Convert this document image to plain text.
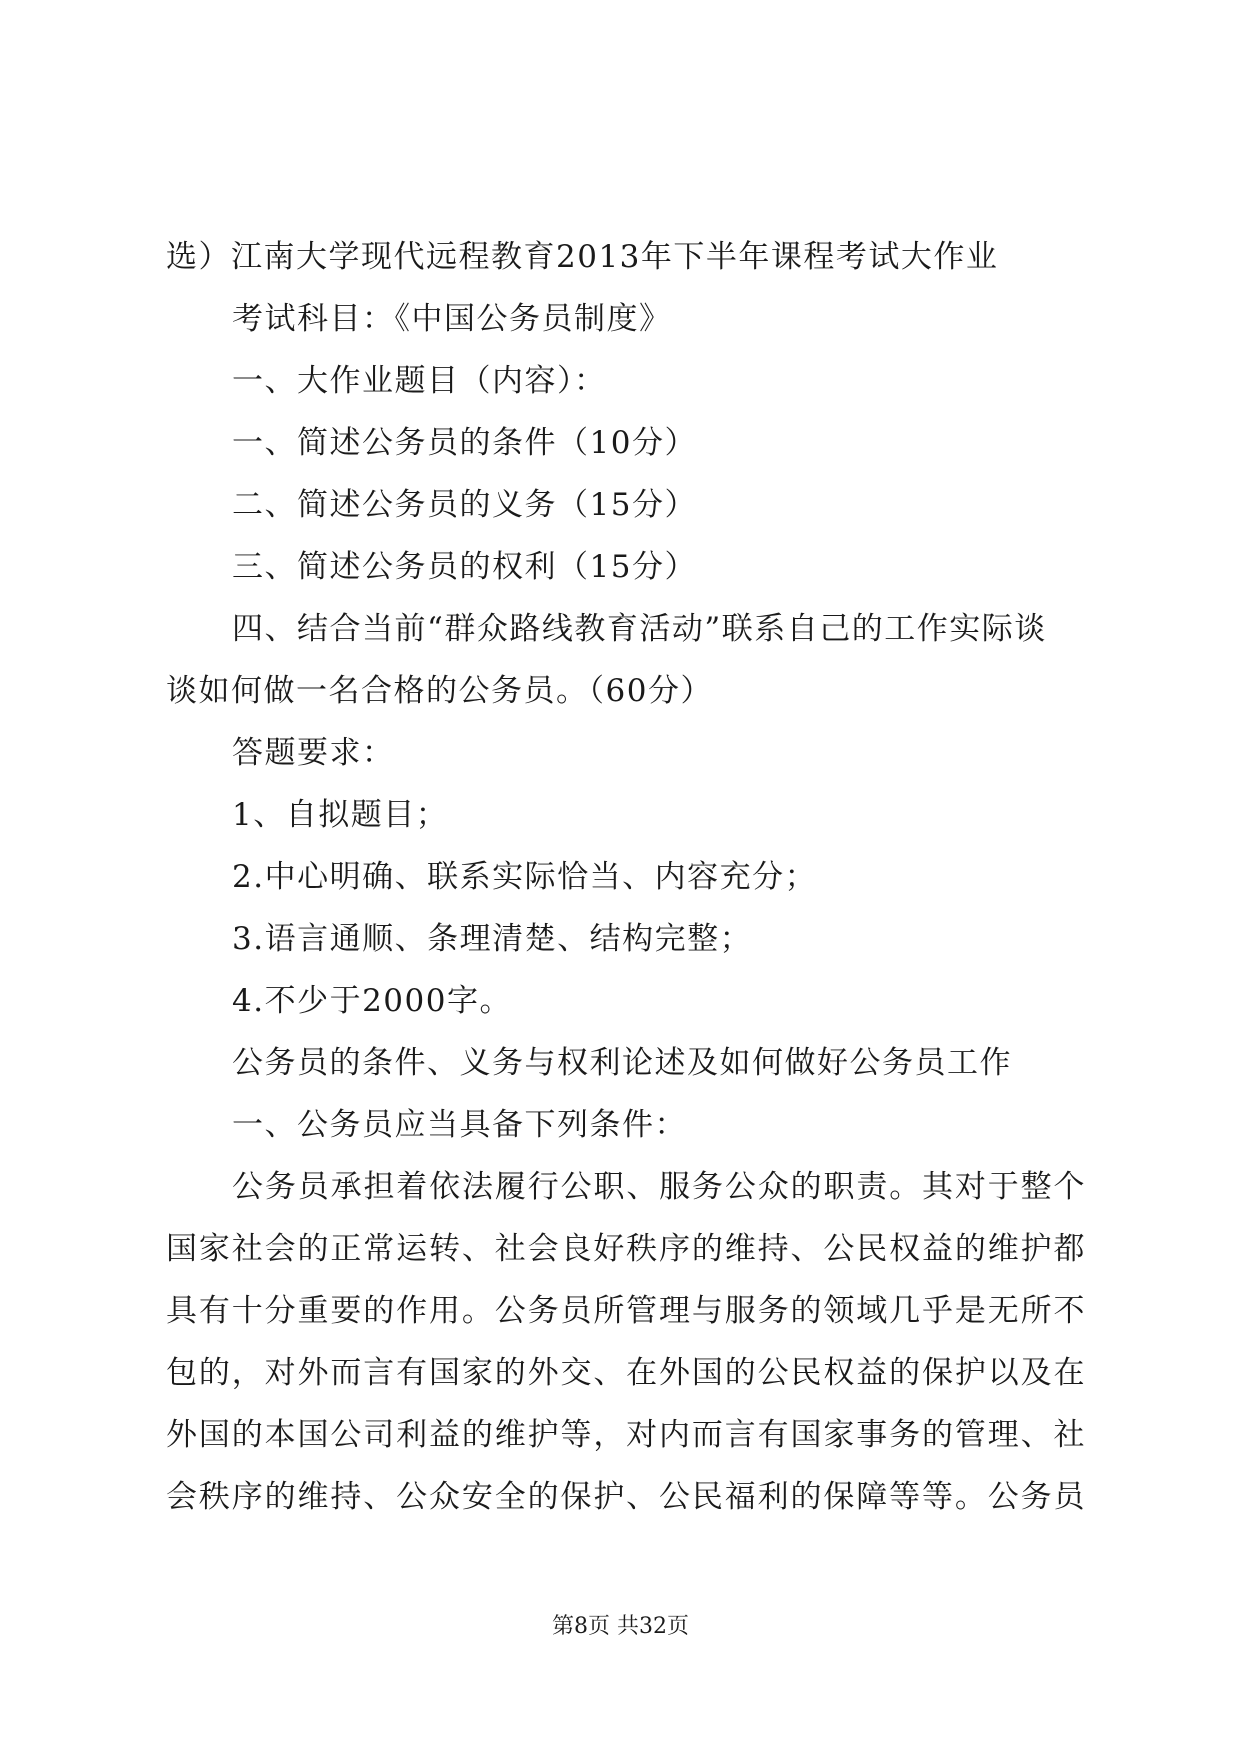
选）江南大学现代远程教育2013年下半年课程考试大作业
考试科目：《中国公务员制度》
一、大作业题目（内容）：
一、简述公务员的条件（10分）
二、简述公务员的义务（15分）
三、简述公务员的权利（15分）
四、结合当前“群众路线教育活动”联系自己的工作实际谈
谈如何做一名合格的公务员。（60分）
答题要求：
1、自拟题目；
2.中心明确、联系实际恰当、内容充分；
3.语言通顺、条理清楚、结构完整；
4.不少于2000字。
公务员的条件、义务与权利论述及如何做好公务员工作
一、公务员应当具备下列条件：
公务员承担着依法履行公职、服务公众的职责。其对于整个
国家社会的正常运转、社会良好秩序的维持、公民权益的维护都
具有十分重要的作用。公务员所管理与服务的领域几乎是无所不
包的，对外而言有国家的外交、在外国的公民权益的保护以及在
外国的本国公司利益的维护等，对内而言有国家事务的管理、社
会秩序的维持、公众安全的保护、公民福利的保障等等。公务员
第8页 共32页
